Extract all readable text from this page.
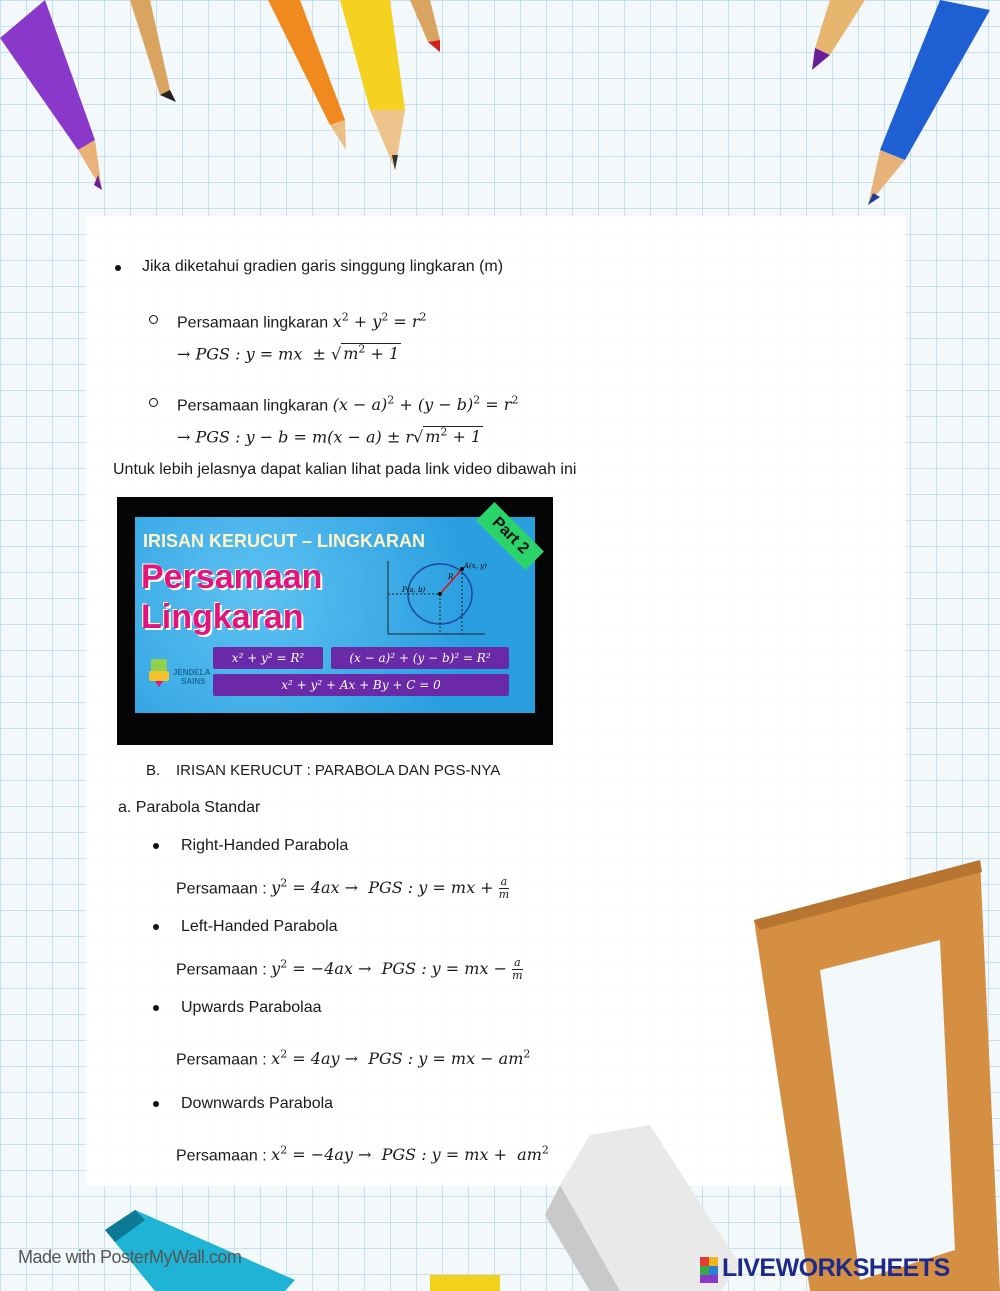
Jika diketahui gradien garis singgung lingkaran (m)
Persamaan lingkaran $x^2 + y^2 = r^2$
→ PGS : y = mx  ± √ $m^2 + 1$
Persamaan lingkaran $(x - a)^2 + (y - b)^2 = r^2$
→ PGS : y − b = m(x − a) ± r√ $m^2 + 1$
Untuk lebih jelasnya dapat kalian lihat pada link video dibawah ini
IRISAN KERUCUT – LINGKARAN
Persamaan
Lingkaran
Part 2
A(x, y)
P(a, b)
R
x² + y² = R²	(x − a)² + (y − b)² = R²
x² + y² + Ax + By + C = 0
JENDELA
SAINS
B. IRISAN KERUCUT : PARABOLA DAN PGS-NYA
a. Parabola Standar
Right-Handed Parabola
Persamaan : $y^2 = 4ax$ →  PGS : y = mx + $\frac{a}{m}$
Left-Handed Parabola
Persamaan : $y^2 = -4ax$ →  PGS : y = mx − $\frac{a}{m}$
Upwards Parabolaa
Persamaan : $x^2 = 4ay$ →  PGS : y = mx − $am^2$
Downwards Parabola
Persamaan : $x^2 = -4ay$ →  PGS : y = mx +  $am^2$
Made with PosterMyWall.com	LIVEWORKSHEETS
